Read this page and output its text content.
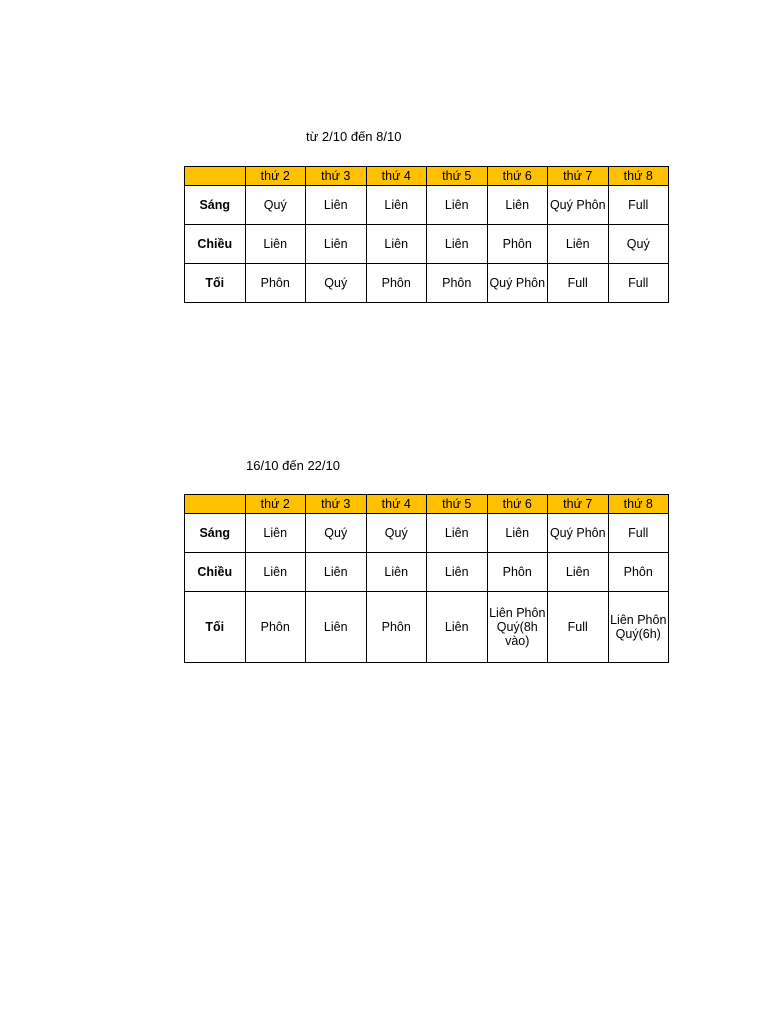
từ 2/10 đến 8/10
	thứ 2	thứ 3	thứ 4	thứ 5	thứ 6	thứ 7	thứ 8
Sáng	Quý	Liên	Liên	Liên	Liên	Quý Phôn	Full
Chiều	Liên	Liên	Liên	Liên	Phôn	Liên	Quý
Tối	Phôn	Quý	Phôn	Phôn	Quý Phôn	Full	Full
16/10 đến 22/10
	thứ 2	thứ 3	thứ 4	thứ 5	thứ 6	thứ 7	thứ 8
Sáng	Liên	Quý	Quý	Liên	Liên	Quý Phôn	Full
Chiều	Liên	Liên	Liên	Liên	Phôn	Liên	Phôn
Tối	Phôn	Liên	Phôn	Liên	Liên Phôn Quý(8h vào)	Full	Liên Phôn Quý(6h)
